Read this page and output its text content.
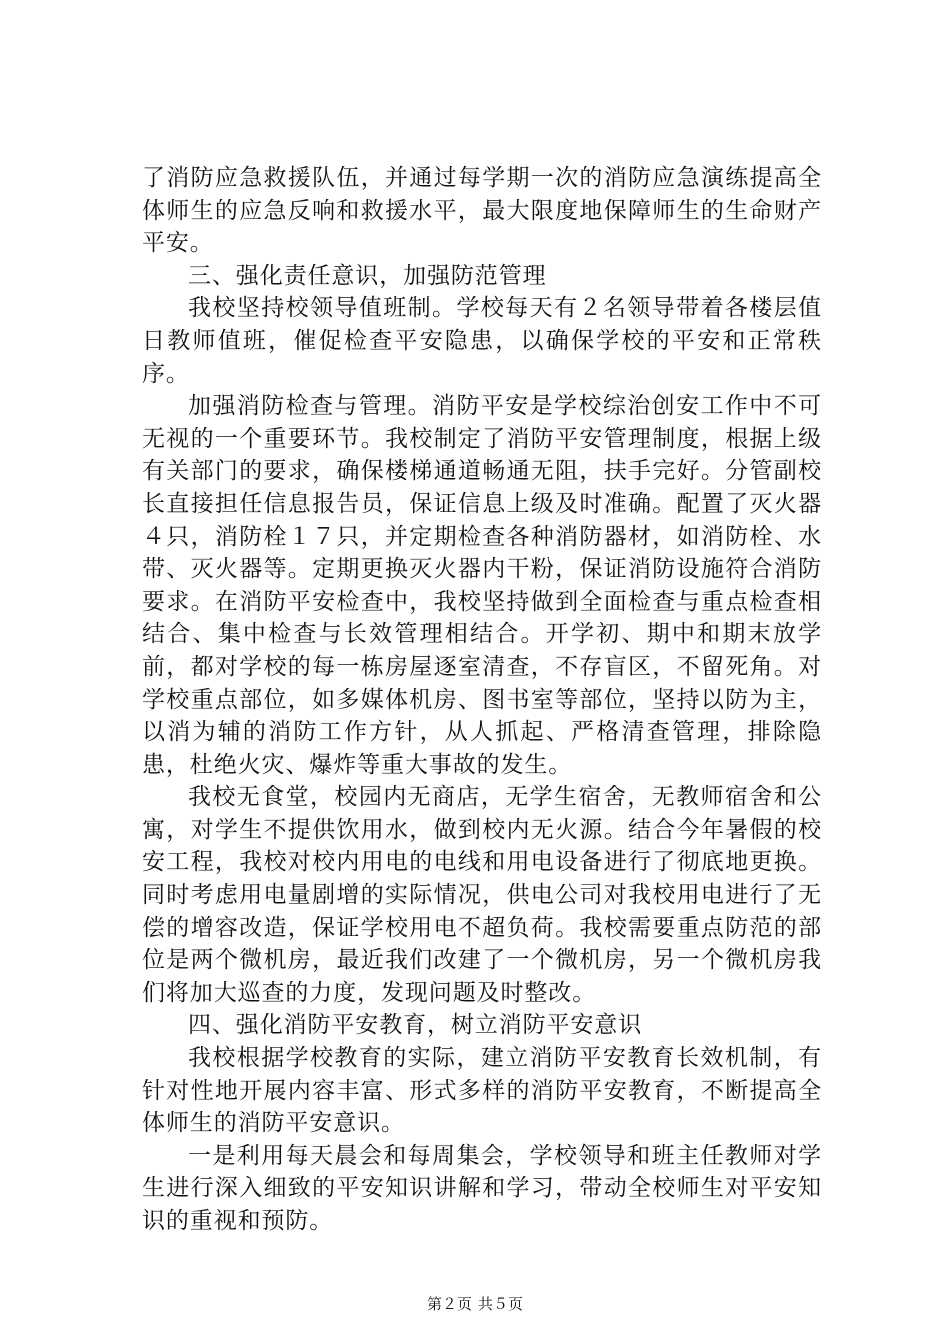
了消防应急救援队伍，并通过每学期一次的消防应急演练提高全体师生的应急反响和救援水平，最大限度地保障师生的生命财产平安。

三、强化责任意识，加强防范管理

我校坚持校领导值班制。学校每天有２名领导带着各楼层值日教师值班，催促检查平安隐患，以确保学校的平安和正常秩序。

加强消防检查与管理。消防平安是学校综治创安工作中不可无视的一个重要环节。我校制定了消防平安管理制度，根据上级有关部门的要求，确保楼梯通道畅通无阻，扶手完好。分管副校长直接担任信息报告员，保证信息上级及时准确。配置了灭火器４只，消防栓１７只，并定期检查各种消防器材，如消防栓、水带、灭火器等。定期更换灭火器内干粉，保证消防设施符合消防要求。在消防平安检查中，我校坚持做到全面检查与重点检查相结合、集中检查与长效管理相结合。开学初、期中和期末放学前，都对学校的每一栋房屋逐室清查，不存盲区，不留死角。对学校重点部位，如多媒体机房、图书室等部位，坚持以防为主，以消为辅的消防工作方针，从人抓起、严格清查管理，排除隐患，杜绝火灾、爆炸等重大事故的发生。

我校无食堂，校园内无商店，无学生宿舍，无教师宿舍和公寓，对学生不提供饮用水，做到校内无火源。结合今年暑假的校安工程，我校对校内用电的电线和用电设备进行了彻底地更换。同时考虑用电量剧增的实际情况，供电公司对我校用电进行了无偿的增容改造，保证学校用电不超负荷。我校需要重点防范的部位是两个微机房，最近我们改建了一个微机房，另一个微机房我们将加大巡查的力度，发现问题及时整改。

四、强化消防平安教育，树立消防平安意识

我校根据学校教育的实际，建立消防平安教育长效机制，有针对性地开展内容丰富、形式多样的消防平安教育，不断提高全体师生的消防平安意识。

一是利用每天晨会和每周集会，学校领导和班主任教师对学生进行深入细致的平安知识讲解和学习，带动全校师生对平安知识的重视和预防。

第２页 共５页
